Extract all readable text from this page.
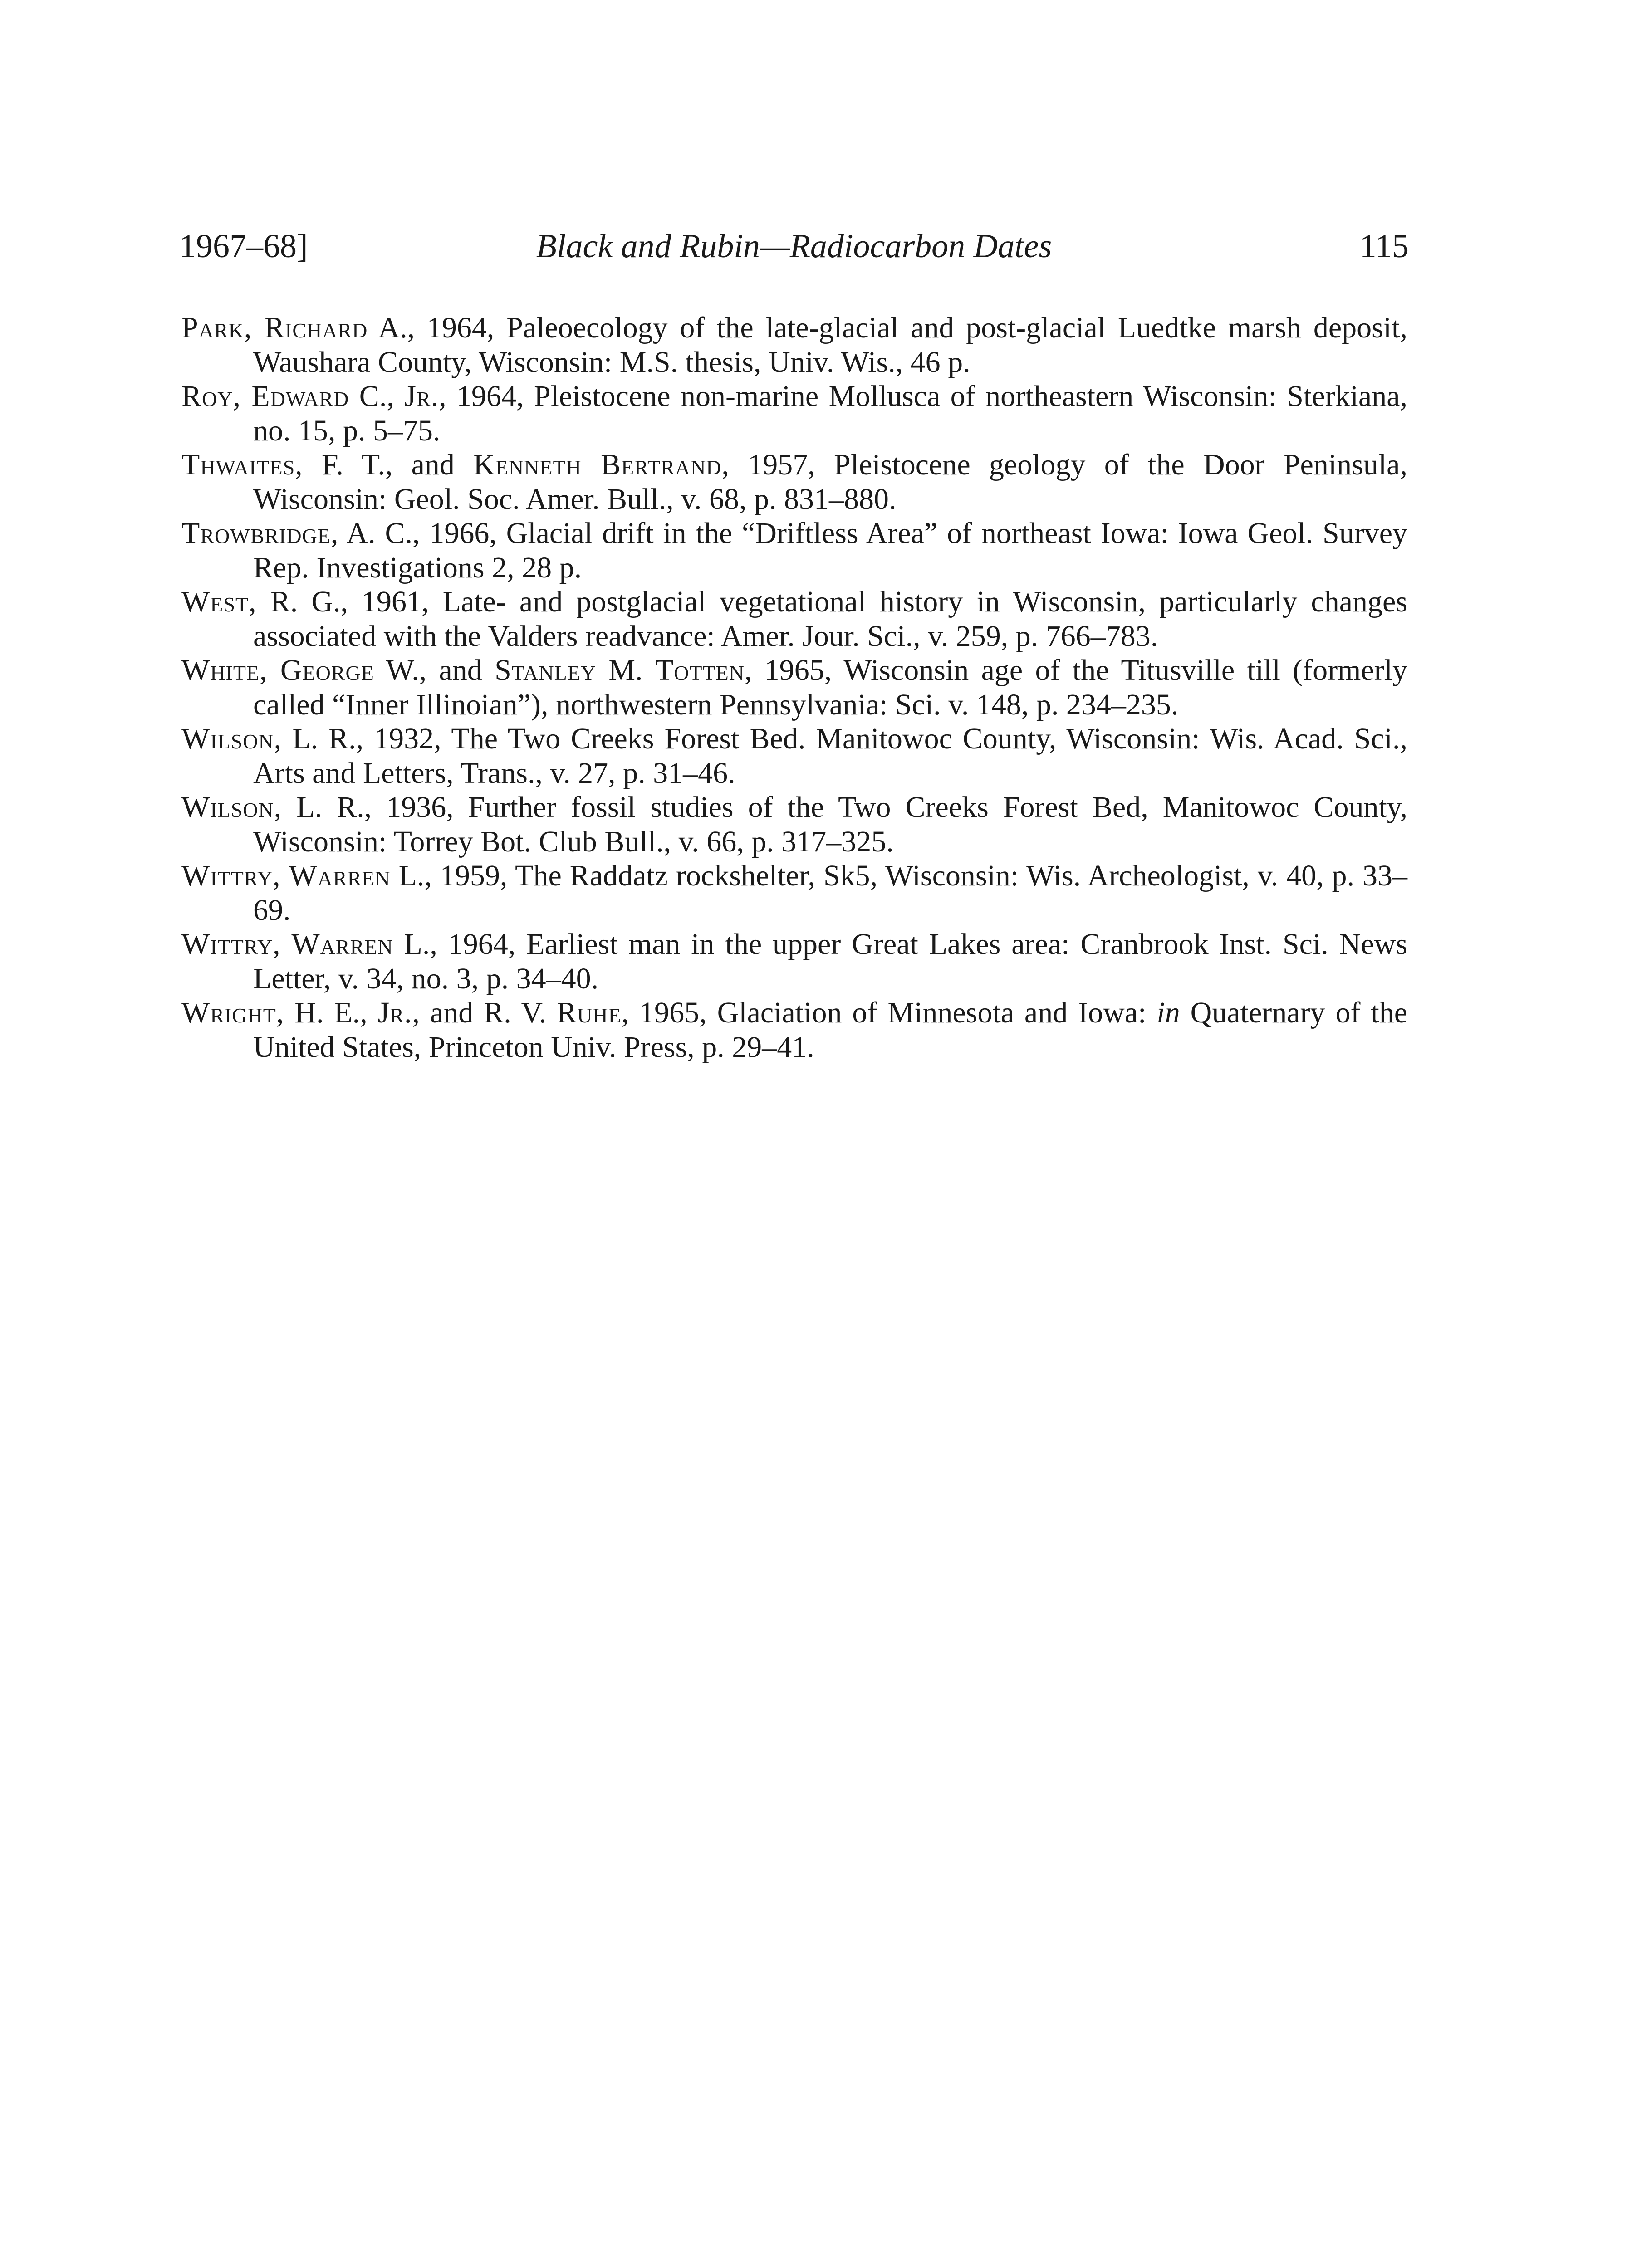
1967–68]	Black and Rubin—Radiocarbon Dates	115

Park, Richard A., 1964, Paleoecology of the late-glacial and post-glacial Luedtke marsh deposit, Waushara County, Wisconsin: M.S. thesis, Univ. Wis., 46 p.

Roy, Edward C., Jr., 1964, Pleistocene non-marine Mollusca of northeastern Wisconsin: Sterkiana, no. 15, p. 5–75.

Thwaites, F. T., and Kenneth Bertrand, 1957, Pleistocene geology of the Door Peninsula, Wisconsin: Geol. Soc. Amer. Bull., v. 68, p. 831–880.

Trowbridge, A. C., 1966, Glacial drift in the “Driftless Area” of northeast Iowa: Iowa Geol. Survey Rep. Investigations 2, 28 p.

West, R. G., 1961, Late- and postglacial vegetational history in Wisconsin, particularly changes associated with the Valders readvance: Amer. Jour. Sci., v. 259, p. 766–783.

White, George W., and Stanley M. Totten, 1965, Wisconsin age of the Titusville till (formerly called “Inner Illinoian”), northwestern Pennsylvania: Sci. v. 148, p. 234–235.

Wilson, L. R., 1932, The Two Creeks Forest Bed. Manitowoc County, Wisconsin: Wis. Acad. Sci., Arts and Letters, Trans., v. 27, p. 31–46.

Wilson, L. R., 1936, Further fossil studies of the Two Creeks Forest Bed, Manitowoc County, Wisconsin: Torrey Bot. Club Bull., v. 66, p. 317–325.

Wittry, Warren L., 1959, The Raddatz rockshelter, Sk5, Wisconsin: Wis. Archeologist, v. 40, p. 33–69.

Wittry, Warren L., 1964, Earliest man in the upper Great Lakes area: Cranbrook Inst. Sci. News Letter, v. 34, no. 3, p. 34–40.

Wright, H. E., Jr., and R. V. Ruhe, 1965, Glaciation of Minnesota and Iowa: in Quaternary of the United States, Princeton Univ. Press, p. 29–41.
